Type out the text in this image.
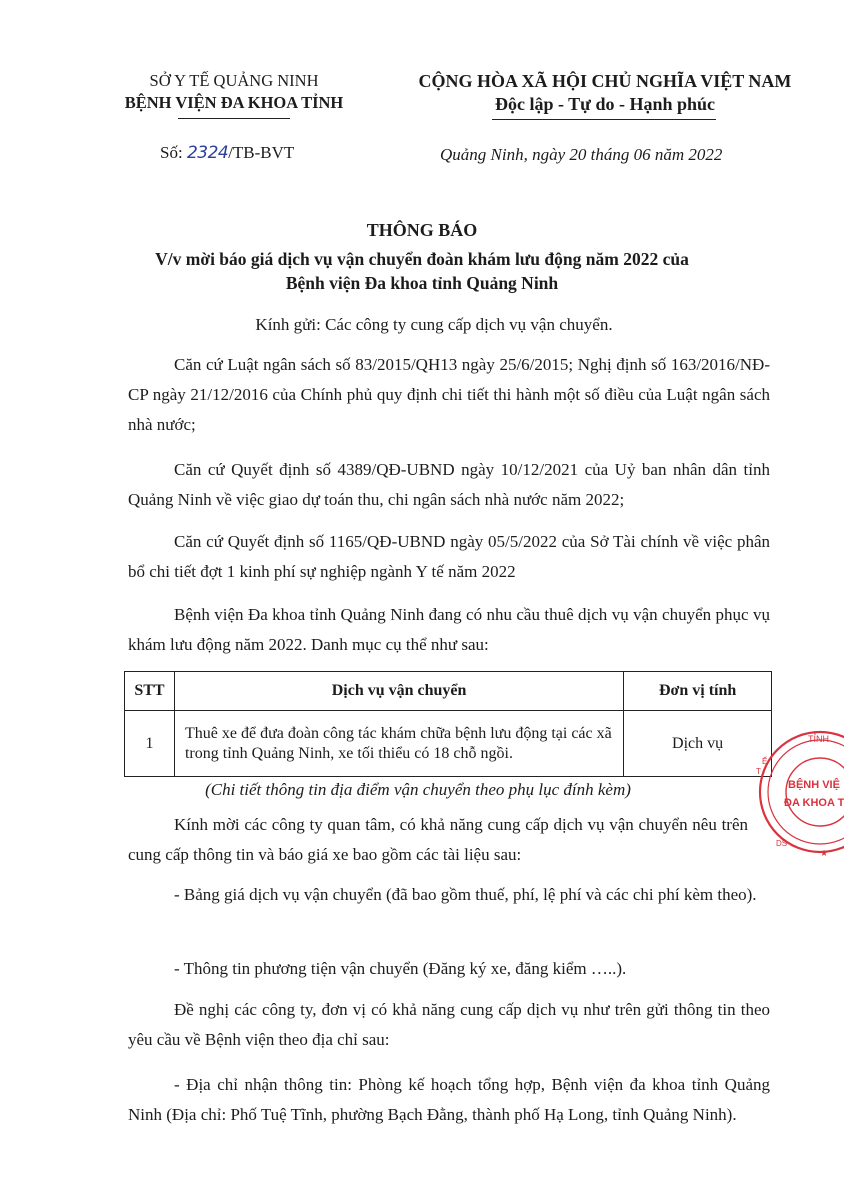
SỞ Y TẾ QUẢNG NINH
BỆNH VIỆN ĐA KHOA TỈNH
CỘNG HÒA XÃ HỘI CHỦ NGHĨA VIỆT NAM
Độc lập - Tự do - Hạnh phúc
Số: 2324/TB-BVT	Quảng Ninh, ngày 20 tháng 06 năm 2022
THÔNG BÁO
V/v mời báo giá dịch vụ vận chuyển đoàn khám lưu động năm 2022 của
Bệnh viện Đa khoa tỉnh Quảng Ninh
Kính gửi: Các công ty cung cấp dịch vụ vận chuyển.
Căn cứ Luật ngân sách số 83/2015/QH13 ngày 25/6/2015; Nghị định số 163/2016/NĐ-CP ngày 21/12/2016 của Chính phủ quy định chi tiết thi hành một số điều của Luật ngân sách nhà nước;
Căn cứ Quyết định số 4389/QĐ-UBND ngày 10/12/2021 của Uỷ ban nhân dân tỉnh Quảng Ninh về việc giao dự toán thu, chi ngân sách nhà nước năm 2022;
Căn cứ Quyết định số 1165/QĐ-UBND ngày 05/5/2022 của Sở Tài chính về việc phân bổ chi tiết đợt 1 kinh phí sự nghiệp ngành Y tế năm 2022
Bệnh viện Đa khoa tỉnh Quảng Ninh đang có nhu cầu thuê dịch vụ vận chuyển phục vụ khám lưu động năm 2022. Danh mục cụ thể như sau:
STT	Dịch vụ vận chuyển	Đơn vị tính
1	Thuê xe để đưa đoàn công tác khám chữa bệnh lưu động tại các xã trong tỉnh Quảng Ninh, xe tối thiểu có 18 chỗ ngồi.	Dịch vụ
(Chi tiết thông tin địa điểm vận chuyển theo phụ lục đính kèm)
Kính mời các công ty quan tâm, có khả năng cung cấp dịch vụ vận chuyển nêu trên cung cấp thông tin và báo giá xe bao gồm các tài liệu sau:
- Bảng giá dịch vụ vận chuyển (đã bao gồm thuế, phí, lệ phí và các chi phí kèm theo).
- Thông tin phương tiện vận chuyển (Đăng ký xe, đăng kiểm …..).
Đề nghị các công ty, đơn vị có khả năng cung cấp dịch vụ như trên gửi thông tin theo yêu cầu về Bệnh viện theo địa chỉ sau:
- Địa chỉ nhận thông tin: Phòng kế hoạch tổng hợp, Bệnh viện đa khoa tỉnh Quảng Ninh (Địa chỉ: Phố Tuệ Tĩnh, phường Bạch Đằng, thành phố Hạ Long, tỉnh Quảng Ninh).
TỈNH
T
Ế
BỆNH VIỆ
ĐA KHOA T
DS
★
